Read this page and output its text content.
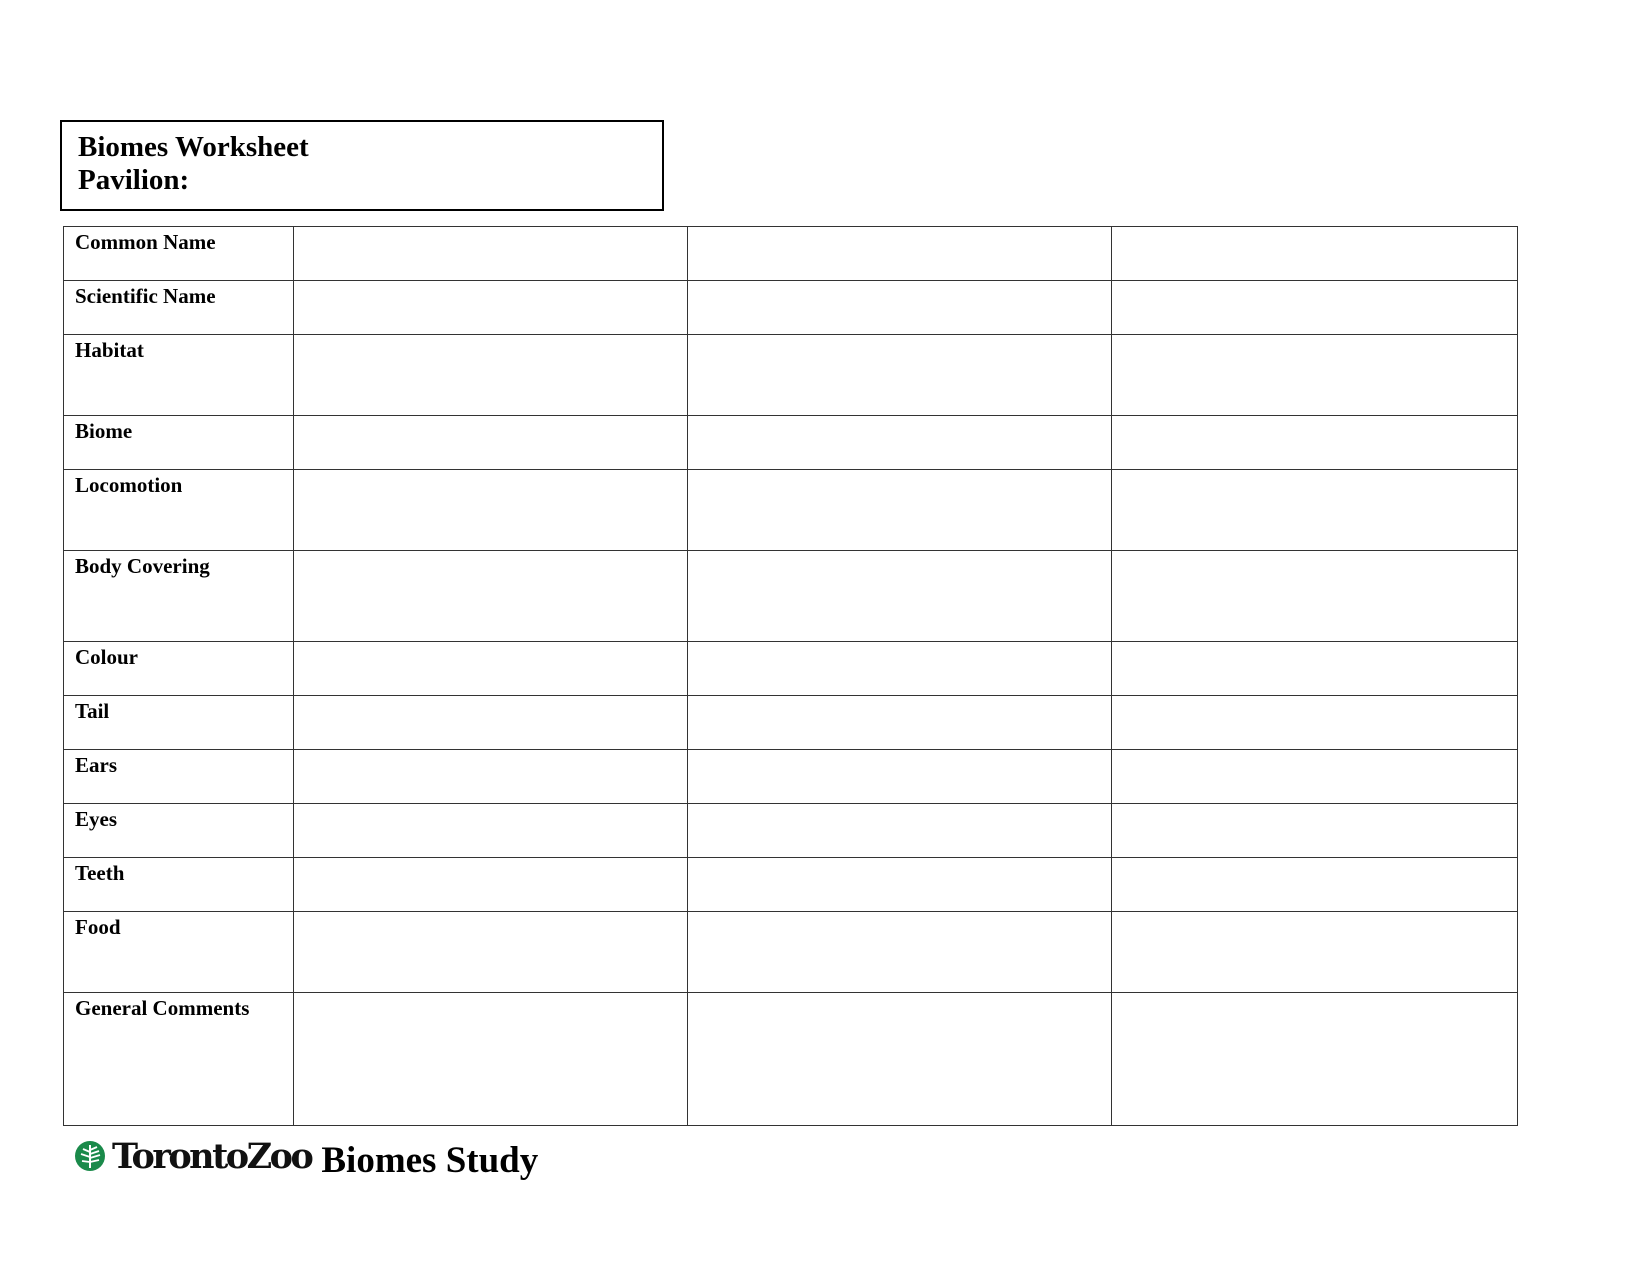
Biomes Worksheet
Pavilion:
Common Name			
Scientific Name			
Habitat			
Biome			
Locomotion			
Body Covering			
Colour			
Tail			
Ears			
Eyes			
Teeth			
Food			
General Comments			
TorontoZoo Biomes Study
